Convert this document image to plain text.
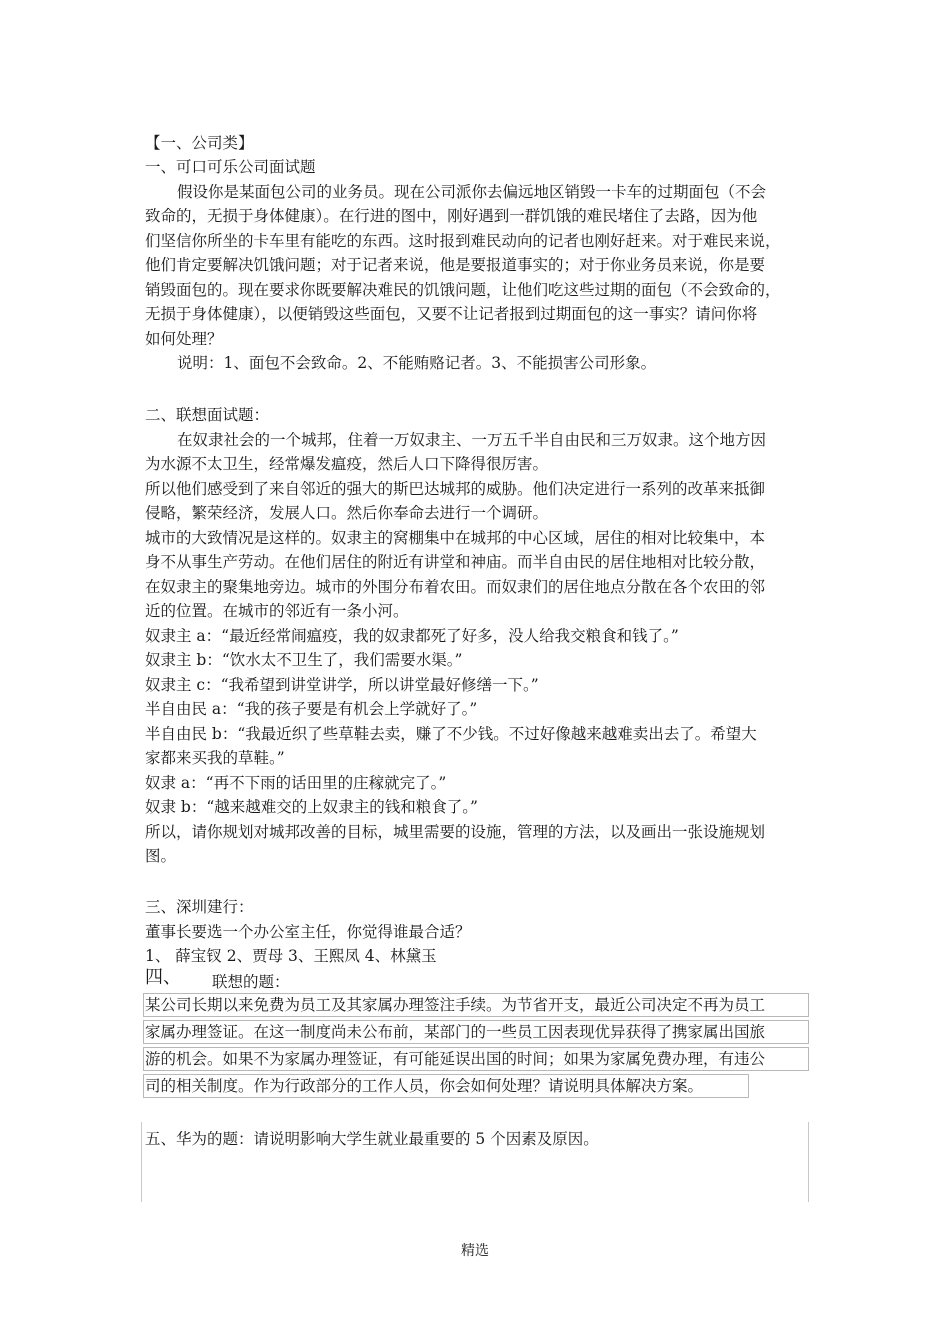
【一、公司类】
一、可口可乐公司面试题
假设你是某面包公司的业务员。现在公司派你去偏远地区销毁一卡车的过期面包（不会
致命的，无损于身体健康）。在行进的图中，刚好遇到一群饥饿的难民堵住了去路，因为他
们坚信你所坐的卡车里有能吃的东西。这时报到难民动向的记者也刚好赶来。对于难民来说，
他们肯定要解决饥饿问题；对于记者来说，他是要报道事实的；对于你业务员来说，你是要
销毁面包的。现在要求你既要解决难民的饥饿问题，让他们吃这些过期的面包（不会致命的，
无损于身体健康），以便销毁这些面包，又要不让记者报到过期面包的这一事实？请问你将
如何处理？
说明：1、面包不会致命。2、不能贿赂记者。3、不能损害公司形象。
二、联想面试题：
在奴隶社会的一个城邦，住着一万奴隶主、一万五千半自由民和三万奴隶。这个地方因
为水源不太卫生，经常爆发瘟疫，然后人口下降得很厉害。
所以他们感受到了来自邻近的强大的斯巴达城邦的威胁。他们决定进行一系列的改革来抵御
侵略，繁荣经济，发展人口。然后你奉命去进行一个调研。
城市的大致情况是这样的。奴隶主的窝棚集中在城邦的中心区域，居住的相对比较集中，本
身不从事生产劳动。在他们居住的附近有讲堂和神庙。而半自由民的居住地相对比较分散，
在奴隶主的聚集地旁边。城市的外围分布着农田。而奴隶们的居住地点分散在各个农田的邻
近的位置。在城市的邻近有一条小河。
奴隶主 a：“最近经常闹瘟疫，我的奴隶都死了好多，没人给我交粮食和钱了。”
奴隶主 b：“饮水太不卫生了，我们需要水渠。”
奴隶主 c：“我希望到讲堂讲学，所以讲堂最好修缮一下。”
半自由民 a：“我的孩子要是有机会上学就好了。”
半自由民 b：“我最近织了些草鞋去卖，赚了不少钱。不过好像越来越难卖出去了。希望大
家都来买我的草鞋。”
奴隶 a：“再不下雨的话田里的庄稼就完了。”
奴隶 b：“越来越难交的上奴隶主的钱和粮食了。”
所以，请你规划对城邦改善的目标，城里需要的设施，管理的方法，以及画出一张设施规划
图。
三、深圳建行：
董事长要选一个办公室主任，你觉得谁最合适？
1、 薛宝钗 2、贾母 3、王熙凤 4、林黛玉
四、 联想的题：
某公司长期以来免费为员工及其家属办理签注手续。为节省开支，最近公司决定不再为员工
家属办理签证。在这一制度尚未公布前，某部门的一些员工因表现优异获得了携家属出国旅
游的机会。如果不为家属办理签证，有可能延误出国的时间；如果为家属免费办理，有违公
司的相关制度。作为行政部分的工作人员，你会如何处理？请说明具体解决方案。
五、华为的题：请说明影响大学生就业最重要的 5 个因素及原因。
精选
